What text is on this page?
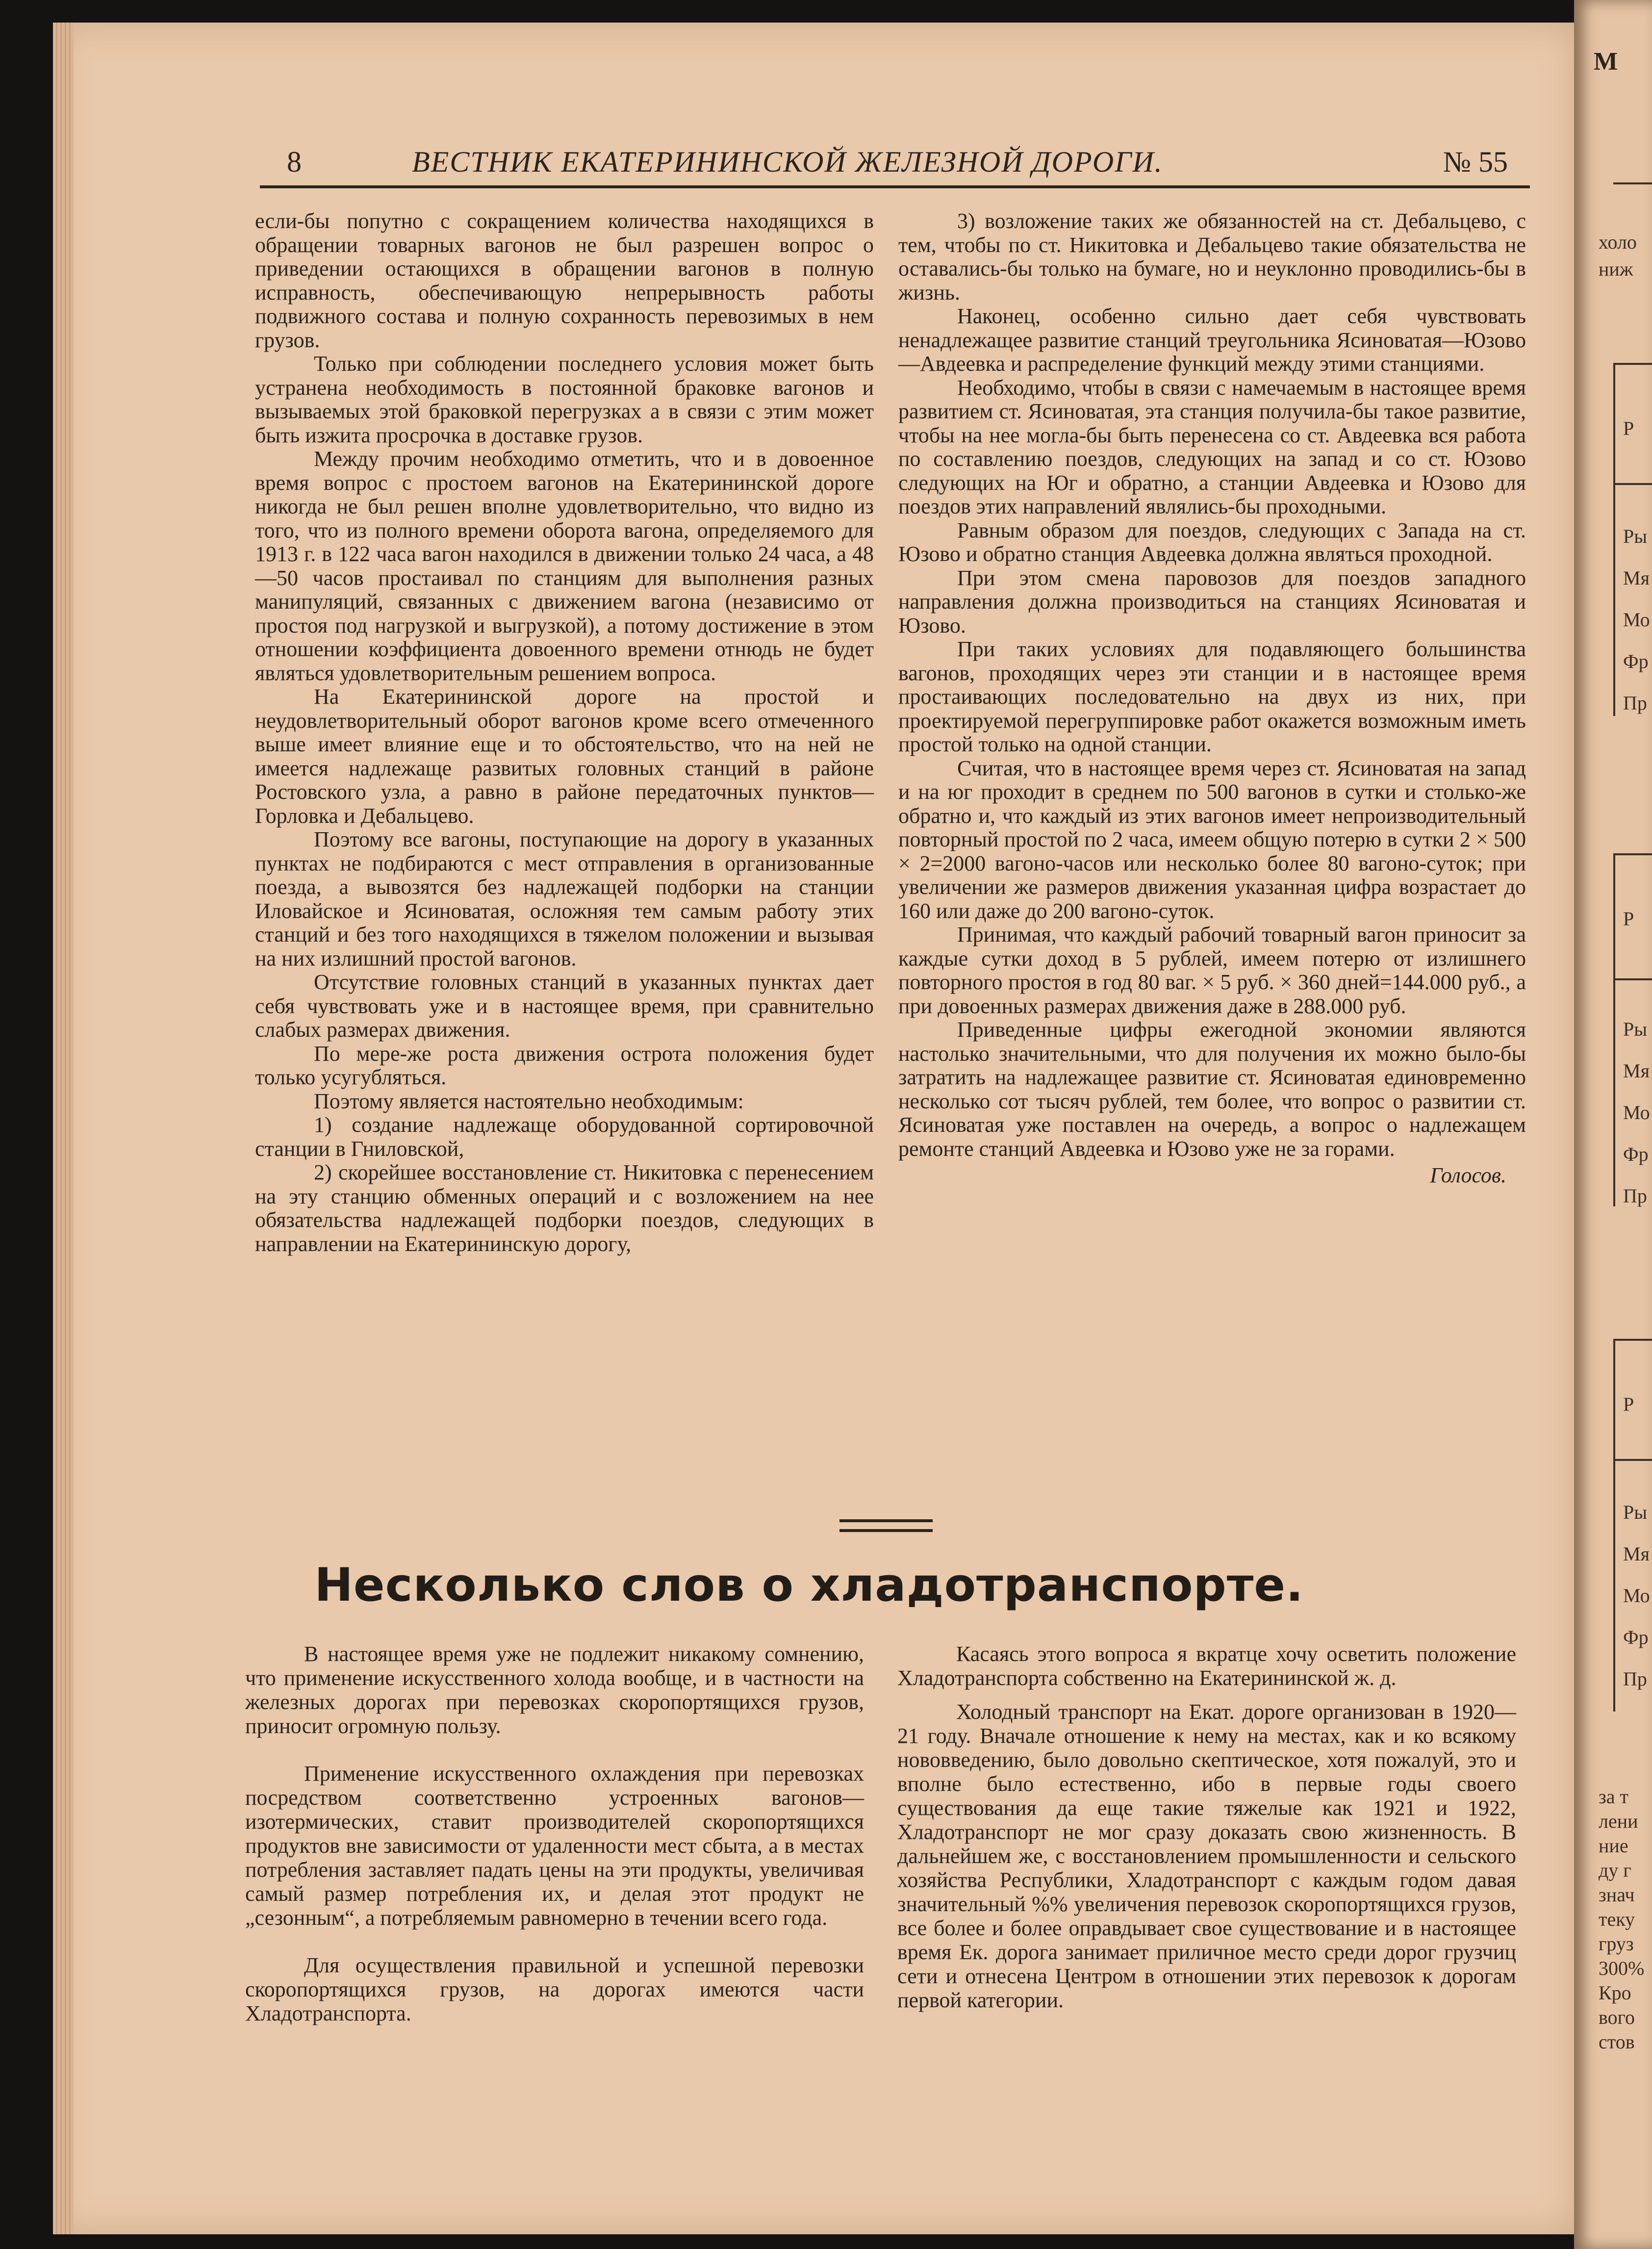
М
холо
ниж
Р
Ры
Мя
Мо
Фр
Пр
Р
Ры
Мя
Мо
Фр
Пр
Р
Ры
Мя
Мо
Фр
Пр
за т
лени
ние
ду г
знач
теку
груз
300%
Кро
вого
стов
8	ВЕСТНИК ЕКАТЕРИНИНСКОЙ ЖЕЛЕЗНОЙ ДОРОГИ.	№ 55

если-бы попутно с сокращением количества находящихся в обращении товарных вагонов не был разрешен вопрос о приведении остающихся в обращении вагонов в полную исправность, обеспечивающую непрерывность работы подвижного состава и полную сохранность перевозимых в нем грузов.

Только при соблюдении последнего условия может быть устранена необходимость в постоянной браковке вагонов и вызываемых этой браковкой перегрузках а в связи с этим может быть изжита просрочка в доставке грузов.

Между прочим необходимо отметить, что и в довоенное время вопрос с простоем вагонов на Екатерининской дороге никогда не был решен вполне удовлетворительно, что видно из того, что из полного времени оборота вагона, определяемого для 1913 г. в 122 часа вагон находился в движении только 24 часа, а 48—50 часов простаивал по станциям для выполнения разных манипуляций, связанных с движением вагона (независимо от простоя под нагрузкой и выгрузкой), а потому достижение в этом отношении коэффициента довоенного времени отнюдь не будет являться удовлетворительным решением вопроса.

На Екатерининской дороге на простой и неудовлетворительный оборот вагонов кроме всего отмеченного выше имеет влияние еще и то обстоятельство, что на ней не имеется надлежаще развитых головных станций в районе Ростовского узла, а равно в районе передаточных пунктов—Горловка и Дебальцево.

Поэтому все вагоны, поступающие на дорогу в указанных пунктах не подбираются с мест отправления в организованные поезда, а вывозятся без надлежащей подборки на станции Иловайское и Ясиноватая, осложняя тем самым работу этих станций и без того находящихся в тяжелом положении и вызывая на них излишний простой вагонов.

Отсутствие головных станций в указанных пунктах дает себя чувствовать уже и в настоящее время, при сравнительно слабых размерах движения.

По мере-же роста движения острота положения будет только усугубляться.

Поэтому является настоятельно необходимым:

1) создание надлежаще оборудованной сортировочной станции в Гниловской,

2) скорейшее восстановление ст. Никитовка с перенесением на эту станцию обменных операций и с возложением на нее обязательства надлежащей подборки поездов, следующих в направлении на Екатерининскую дорогу,

3) возложение таких же обязанностей на ст. Дебальцево, с тем, чтобы по ст. Никитовка и Дебальцево такие обязательства не оставались-бы только на бумаге, но и неуклонно проводились-бы в жизнь.

Наконец, особенно сильно дает себя чувствовать ненадлежащее развитие станций треугольника Ясиноватая—Юзово—Авдеевка и распределение функций между этими станциями.

Необходимо, чтобы в связи с намечаемым в настоящее время развитием ст. Ясиноватая, эта станция получила-бы такое развитие, чтобы на нее могла-бы быть перенесена со ст. Авдеевка вся работа по составлению поездов, следующих на запад и со ст. Юзово следующих на Юг и обратно, а станции Авдеевка и Юзово для поездов этих направлений являлись-бы проходными.

Равным образом для поездов, следующих с Запада на ст. Юзово и обратно станция Авдеевка должна являться проходной.

При этом смена паровозов для поездов западного направления должна производиться на станциях Ясиноватая и Юзово.

При таких условиях для подавляющего большинства вагонов, проходящих через эти станции и в настоящее время простаивающих последовательно на двух из них, при проектируемой перегруппировке работ окажется возможным иметь простой только на одной станции.

Считая, что в настоящее время через ст. Ясиноватая на запад и на юг проходит в среднем по 500 вагонов в сутки и столько-же обратно и, что каждый из этих вагонов имеет непроизводительный повторный простой по 2 часа, имеем общую потерю в сутки 2 × 500 × 2=2000 вагоно-часов или несколько более 80 вагоно-суток; при увеличении же размеров движения указанная цифра возрастает до 160 или даже до 200 вагоно-суток.

Принимая, что каждый рабочий товарный вагон приносит за каждые сутки доход в 5 рублей, имеем потерю от излишнего повторного простоя в год 80 ваг. × 5 руб. × 360 дней=144.000 руб., а при довоенных размерах движения даже в 288.000 руб.

Приведенные цифры ежегодной экономии являются настолько значительными, что для получения их можно было-бы затратить на надлежащее развитие ст. Ясиноватая единовременно несколько сот тысяч рублей, тем более, что вопрос о развитии ст. Ясиноватая уже поставлен на очередь, а вопрос о надлежащем ремонте станций Авдеевка и Юзово уже не за горами.

Голосов.

Несколько слов о хладотранспорте.

В настоящее время уже не подлежит никакому сомнению, что применение искусственного холода вообще, и в частности на железных дорогах при перевозках скоропортящихся грузов, приносит огромную пользу.

Применение искусственного охлаждения при перевозках посредством соответственно устроенных вагонов—изотермических, ставит производителей скоропортящихся продуктов вне зависимости от удаленности мест сбыта, а в местах потребления заставляет падать цены на эти продукты, увеличивая самый размер потребления их, и делая этот продукт не „сезонным“, а потребляемым равномерно в течении всего года.

Для осуществления правильной и успешной перевозки скоропортящихся грузов, на дорогах имеются части Хладотранспорта.

Касаясь этого вопроса я вкратце хочу осветить положение Хладотранспорта собственно на Екатерининской ж. д.

Холодный транспорт на Екат. дороге организован в 1920—21 году. Вначале отношение к нему на местах, как и ко всякому нововведению, было довольно скептическое, хотя пожалуй, это и вполне было естественно, ибо в первые годы своего существования да еще такие тяжелые как 1921 и 1922, Хладотранспорт не мог сразу доказать свою жизненность. В дальнейшем же, с восстановлением промышленности и сельского хозяйства Республики, Хладотранспорт с каждым годом давая значительный %% увеличения перевозок скоропортящихся грузов, все более и более оправдывает свое существование и в настоящее время Ек. дорога занимает приличное место среди дорог грузчиц сети и отнесена Центром в отношении этих перевозок к дорогам первой категории.
